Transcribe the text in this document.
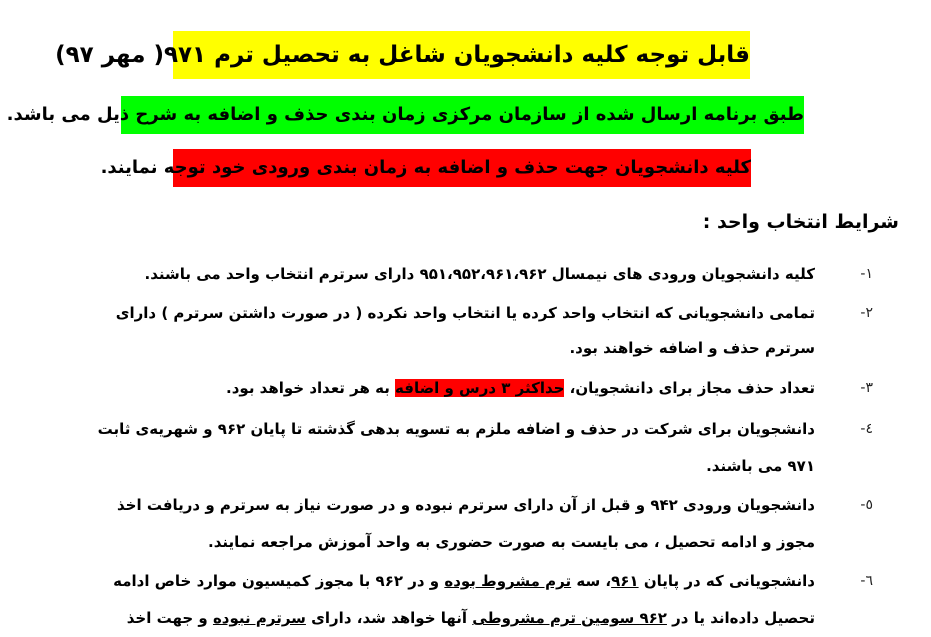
قابل توجه کلیه دانشجویان شاغل به تحصیل ترم ۹۷۱( مهر ۹۷)
طبق برنامه ارسال شده از سازمان مرکزی زمان بندی حذف و اضافه به شرح ذیل می باشد.
کلیه دانشجویان جهت حذف و اضافه به زمان بندی ورودی خود توجه نمایند.
شرایط انتخاب واحد :
۱-
کلیه دانشجویان ورودی های نیمسال ۹۵۱،۹۵۲،۹۶۱،۹۶۲ دارای سرترم انتخاب واحد می باشند.
۲-
تمامی دانشجویانی که انتخاب واحد کرده یا انتخاب واحد نکرده ( در صورت داشتن سرترم ) دارای
سرترم حذف و اضافه خواهند بود.
۳-
تعداد حذف مجاز برای دانشجویان، حداکثر ۳ درس و اضافه به هر تعداد خواهد بود.
٤-
دانشجویان برای شرکت در حذف و اضافه ملزم به تسویه بدهی گذشته تا پایان ۹۶۲ و شهریه‌ی ثابت
۹۷۱ می باشند.
٥-
دانشجویان ورودی ۹۴۲ و قبل از آن دارای سرترم نبوده و در صورت نیاز به سرترم و دریافت اخذ
مجوز و ادامه تحصیل ، می بایست به صورت حضوری به واحد آموزش مراجعه نمایند.
٦-
دانشجویانی که در پایان ۹۶۱، سه ترم مشروط بوده و در ۹۶۲ با مجوز کمیسیون موارد خاص ادامه
تحصیل داده‌اند یا در ۹۶۲ سومین ترم مشروطی آنها خواهد شد، دارای سرترم نبوده و جهت اخذ
